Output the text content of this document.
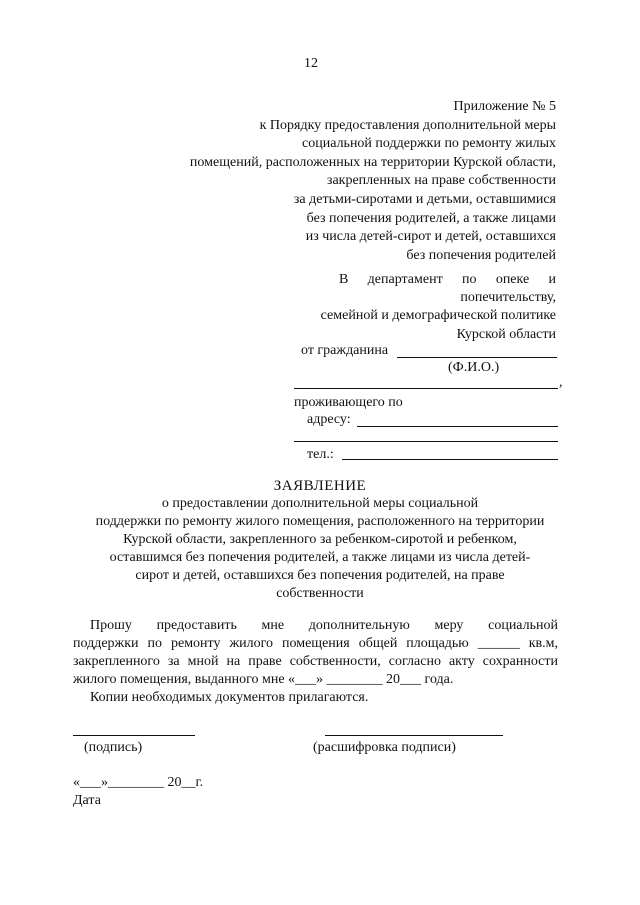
12
Приложение № 5
к Порядку предоставления дополнительной меры
социальной поддержки по ремонту жилых
помещений, расположенных на территории Курской области,
закрепленных на праве собственности
за детьми-сиротами и детьми, оставшимися
без попечения родителей, а также лицами
из числа детей-сирот и детей, оставшихся
без попечения родителей
В департамент по опеке и
попечительству,
семейной и демографической политике
Курской области
от гражданина
(Ф.И.О.)
,
проживающего по
адресу:
тел.:
ЗАЯВЛЕНИЕ
о предоставлении дополнительной меры социальной
поддержки по ремонту жилого помещения, расположенного на территории
Курской области, закрепленного за ребенком-сиротой и ребенком,
оставшимся без попечения родителей, а также лицами из числа детей-
сирот и детей, оставшихся без попечения родителей, на праве
собственности
Прошу предоставить мне дополнительную меру социальной
поддержки по ремонту жилого помещения общей площадью ______ кв.м,
закрепленного за мной на праве собственности, согласно акту сохранности
жилого помещения, выданного мне «___» ________ 20___ года.
Копии необходимых документов прилагаются.
(подпись)	(расшифровка подписи)
«___»________ 20__г.
Дата
